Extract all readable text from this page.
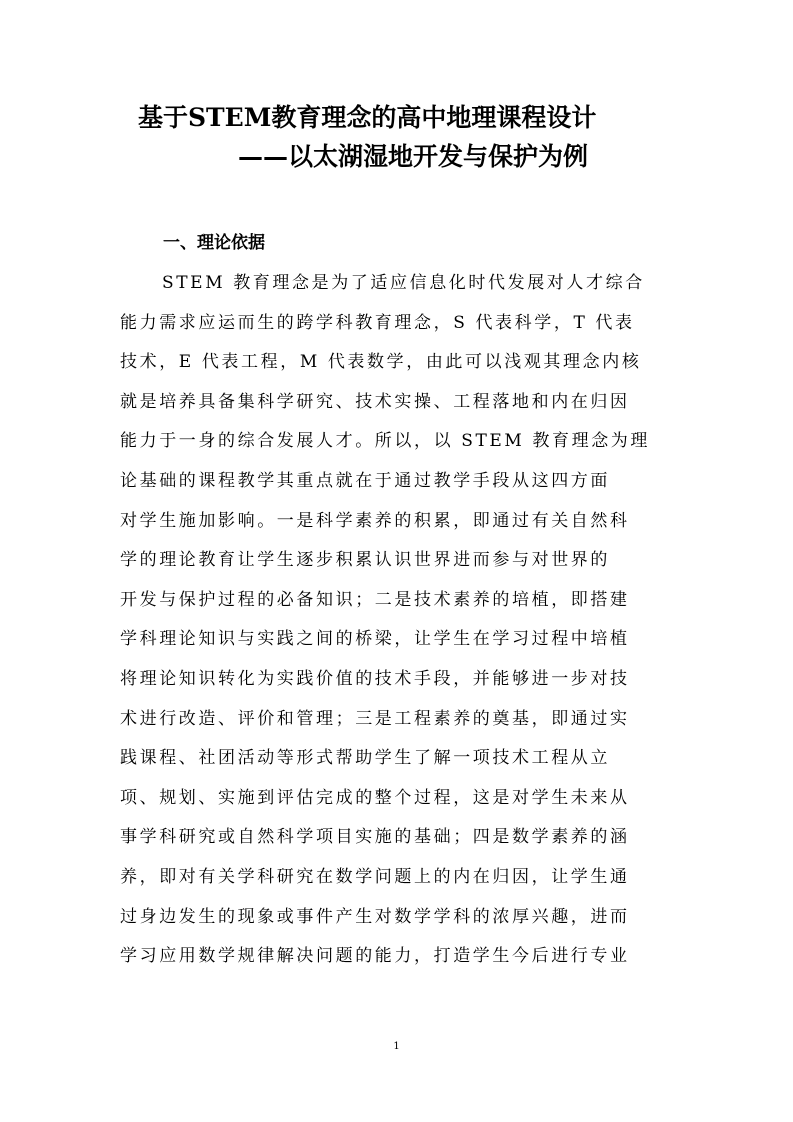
基于STEM教育理念的高中地理课程设计
——以太湖湿地开发与保护为例
一、理论依据
STEM 教育理念是为了适应信息化时代发展对人才综合
能力需求应运而生的跨学科教育理念，S 代表科学，T 代表
技术，E 代表工程，M 代表数学，由此可以浅观其理念内核
就是培养具备集科学研究、技术实操、工程落地和内在归因
能力于一身的综合发展人才。所以，以 STEM 教育理念为理
论基础的课程教学其重点就在于通过教学手段从这四方面
对学生施加影响。一是科学素养的积累，即通过有关自然科
学的理论教育让学生逐步积累认识世界进而参与对世界的
开发与保护过程的必备知识；二是技术素养的培植，即搭建
学科理论知识与实践之间的桥梁，让学生在学习过程中培植
将理论知识转化为实践价值的技术手段，并能够进一步对技
术进行改造、评价和管理；三是工程素养的奠基，即通过实
践课程、社团活动等形式帮助学生了解一项技术工程从立
项、规划、实施到评估完成的整个过程，这是对学生未来从
事学科研究或自然科学项目实施的基础；四是数学素养的涵
养，即对有关学科研究在数学问题上的内在归因，让学生通
过身边发生的现象或事件产生对数学学科的浓厚兴趣，进而
学习应用数学规律解决问题的能力，打造学生今后进行专业
1
